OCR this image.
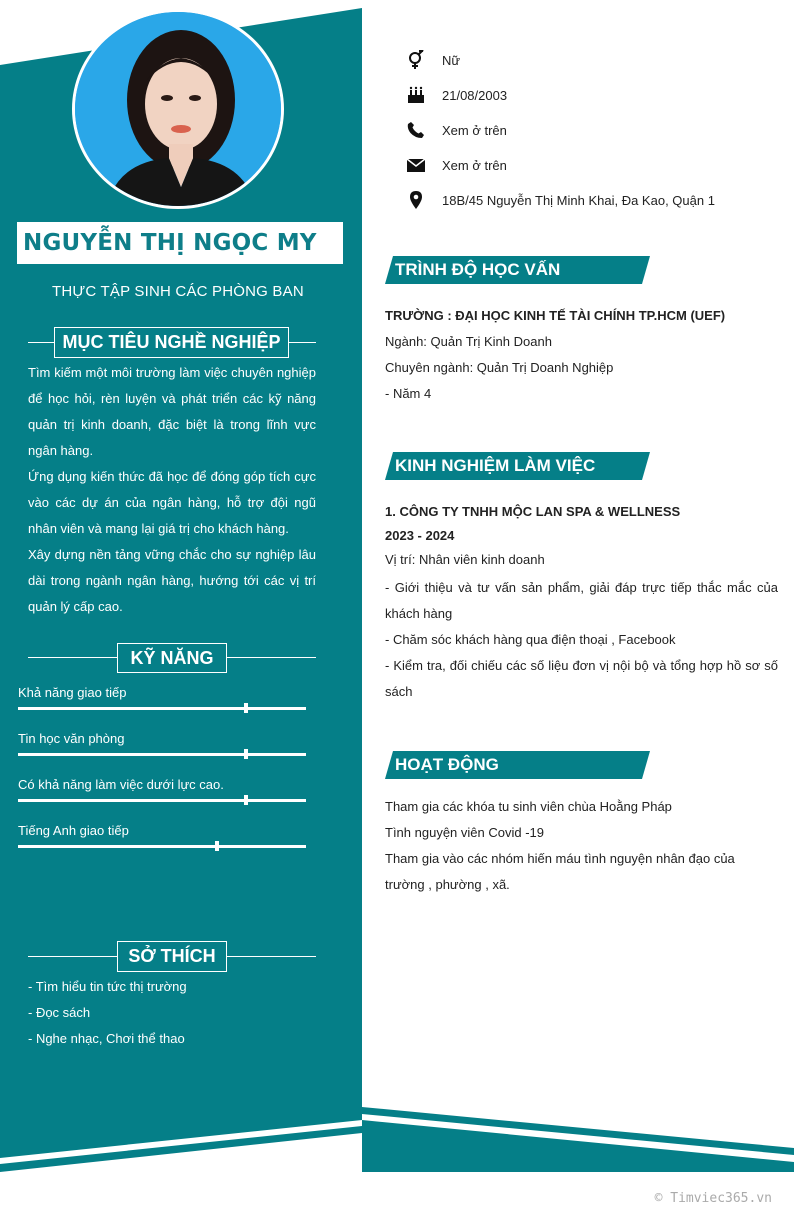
NGUYỄN THỊ NGỌC MY
THỰC TẬP SINH CÁC PHÒNG BAN
MỤC TIÊU NGHỀ NGHIỆP

Tìm kiếm một môi trường làm việc chuyên nghiệp để học hỏi, rèn luyện và phát triển các kỹ năng quản trị kinh doanh, đặc biệt là trong lĩnh vực ngân hàng.

Ứng dụng kiến thức đã học để đóng góp tích cực vào các dự án của ngân hàng, hỗ trợ đội ngũ nhân viên và mang lại giá trị cho khách hàng.

Xây dựng nền tảng vững chắc cho sự nghiệp lâu dài trong ngành ngân hàng, hướng tới các vị trí quản lý cấp cao.

KỸ NĂNG
Khả năng giao tiếp
Tin học văn phòng
Có khả năng làm việc dưới lực cao.
Tiếng Anh giao tiếp
SỞ THÍCH
- Tìm hiểu tin tức thị trường
- Đọc sách
- Nghe nhạc, Chơi thể thao
Nữ
21/08/2003
Xem ở trên
Xem ở trên
18B/45 Nguyễn Thị Minh Khai, Đa Kao, Quận 1
TRÌNH ĐỘ HỌC VẤN

TRƯỜNG : ĐẠI HỌC KINH TẾ TÀI CHÍNH TP.HCM (UEF)

Ngành: Quản Trị Kinh Doanh

Chuyên ngành: Quản Trị Doanh Nghiệp

- Năm 4

KINH NGHIỆM LÀM VIỆC

1. CÔNG TY TNHH MỘC LAN SPA & WELLNESS

2023 - 2024

Vị trí: Nhân viên kinh doanh

- Giới thiệu và tư vấn sản phẩm, giải đáp trực tiếp thắc mắc của khách hàng

- Chăm sóc khách hàng qua điện thoại , Facebook

- Kiểm tra, đối chiếu các số liệu đơn vị nội bộ và tổng hợp hồ sơ số sách

HOẠT ĐỘNG

Tham gia các khóa tu sinh viên chùa Hoằng Pháp

Tình nguyện viên Covid -19

Tham gia vào các nhóm hiến máu tình nguyện nhân đạo của trường , phường , xã.

© Timviec365.vn
